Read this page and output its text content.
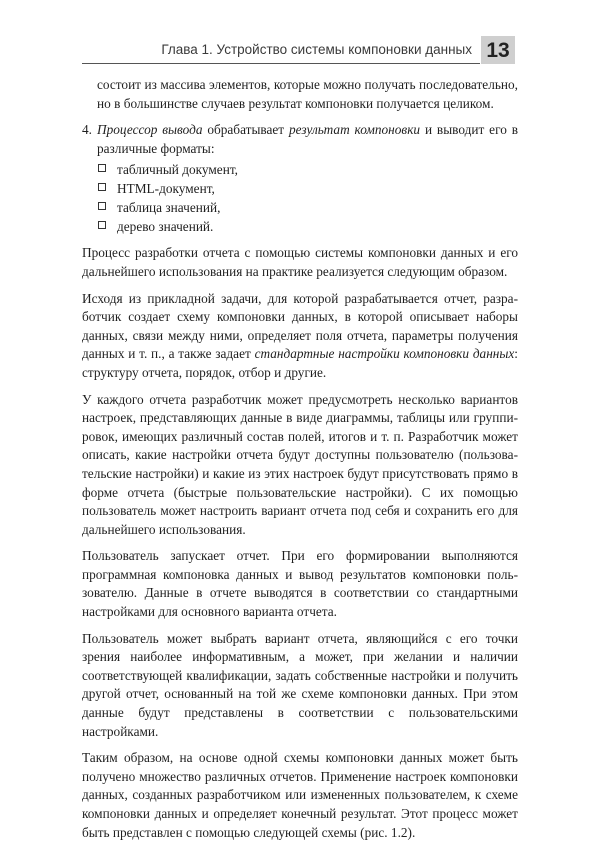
Глава 1. Устройство системы компоновки данных 13

состоит из массива элементов, которые можно получать последовательно, но в большинстве случаев результат компоновки получается целиком.

4. Процессор вывода обрабатывает результат компоновки и выводит его в различные форматы:

табличный документ,
HTML-документ,
таблица значений,
дерево значений.

Процесс разработки отчета с помощью системы компоновки данных и его дальнейшего использования на практике реализуется следующим образом.

Исходя из прикладной задачи, для которой разрабатывается отчет, разработчик создает схему компоновки данных, в которой описывает наборы данных, связи между ними, определяет поля отчета, параметры получения данных и т. п., а также задает стандартные настройки компоновки данных: структуру отчета, порядок, отбор и другие.

У каждого отчета разработчик может предусмотреть несколько вариантов настроек, представляющих данные в виде диаграммы, таблицы или группировок, имеющих различный состав полей, итогов и т. п. Разработчик может описать, какие настройки отчета будут доступны пользователю (пользовательские настройки) и какие из этих настроек будут присутствовать прямо в форме отчета (быстрые пользовательские настройки). С их помощью пользователь может настроить вариант отчета под себя и сохранить его для дальнейшего использования.

Пользователь запускает отчет. При его формировании выполняются программная компоновка данных и вывод результатов компоновки пользователю. Данные в отчете выводятся в соответствии со стандартными настройками для основного варианта отчета.

Пользователь может выбрать вариант отчета, являющийся с его точки зрения наиболее информативным, а может, при желании и наличии соответствующей квалификации, задать собственные настройки и получить другой отчет, основанный на той же схеме компоновки данных. При этом данные будут представлены в соответствии с пользовательскими настройками.

Таким образом, на основе одной схемы компоновки данных может быть получено множество различных отчетов. Применение настроек компоновки данных, созданных разработчиком или измененных пользователем, к схеме компоновки данных и определяет конечный результат. Этот процесс может быть представлен с помощью следующей схемы (рис. 1.2).
